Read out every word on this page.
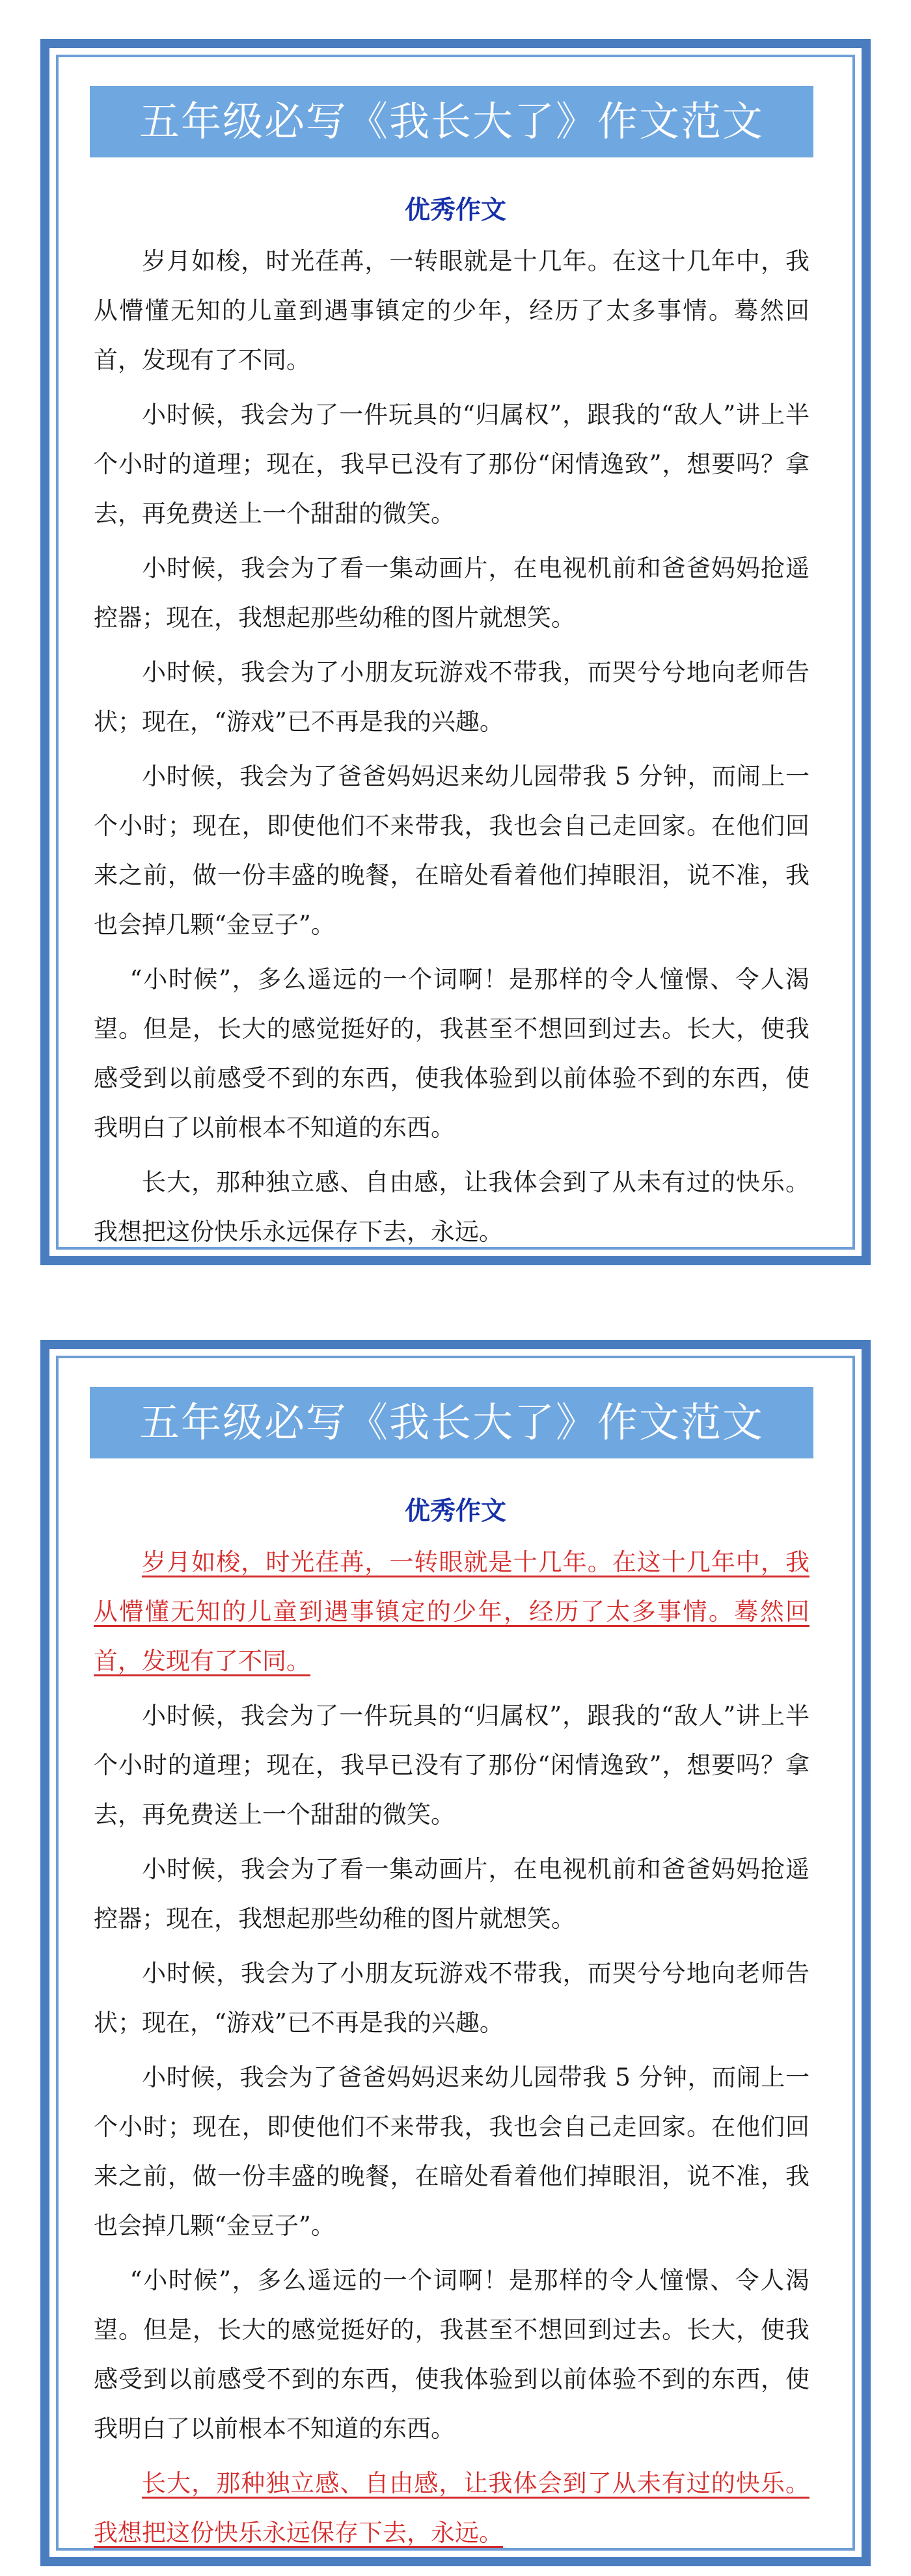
五年级必写《我长大了》作文范文
优秀作文

岁月如梭，时光荏苒，一转眼就是十几年。在这十几年中，我从懵懂无知的儿童到遇事镇定的少年，经历了太多事情。蓦然回首，发现有了不同。

小时候，我会为了一件玩具的“归属权”，跟我的“敌人”讲上半个小时的道理；现在，我早已没有了那份“闲情逸致”，想要吗？拿去，再免费送上一个甜甜的微笑。

小时候，我会为了看一集动画片，在电视机前和爸爸妈妈抢遥控器；现在，我想起那些幼稚的图片就想笑。

小时候，我会为了小朋友玩游戏不带我，而哭兮兮地向老师告状；现在，“游戏”已不再是我的兴趣。

小时候，我会为了爸爸妈妈迟来幼儿园带我 5 分钟，而闹上一个小时；现在，即使他们不来带我，我也会自己走回家。在他们回来之前，做一份丰盛的晚餐，在暗处看着他们掉眼泪，说不准，我也会掉几颗“金豆子”。

“小时候”，多么遥远的一个词啊！是那样的令人憧憬、令人渴望。但是，长大的感觉挺好的，我甚至不想回到过去。长大，使我感受到以前感受不到的东西，使我体验到以前体验不到的东西，使我明白了以前根本不知道的东西。

长大，那种独立感、自由感，让我体会到了从未有过的快乐。我想把这份快乐永远保存下去，永远。

五年级必写《我长大了》作文范文
优秀作文

岁月如梭，时光荏苒，一转眼就是十几年。在这十几年中，我从懵懂无知的儿童到遇事镇定的少年，经历了太多事情。蓦然回首，发现有了不同。

小时候，我会为了一件玩具的“归属权”，跟我的“敌人”讲上半个小时的道理；现在，我早已没有了那份“闲情逸致”，想要吗？拿去，再免费送上一个甜甜的微笑。

小时候，我会为了看一集动画片，在电视机前和爸爸妈妈抢遥控器；现在，我想起那些幼稚的图片就想笑。

小时候，我会为了小朋友玩游戏不带我，而哭兮兮地向老师告状；现在，“游戏”已不再是我的兴趣。

小时候，我会为了爸爸妈妈迟来幼儿园带我 5 分钟，而闹上一个小时；现在，即使他们不来带我，我也会自己走回家。在他们回来之前，做一份丰盛的晚餐，在暗处看着他们掉眼泪，说不准，我也会掉几颗“金豆子”。

“小时候”，多么遥远的一个词啊！是那样的令人憧憬、令人渴望。但是，长大的感觉挺好的，我甚至不想回到过去。长大，使我感受到以前感受不到的东西，使我体验到以前体验不到的东西，使我明白了以前根本不知道的东西。

长大，那种独立感、自由感，让我体会到了从未有过的快乐。我想把这份快乐永远保存下去，永远。
